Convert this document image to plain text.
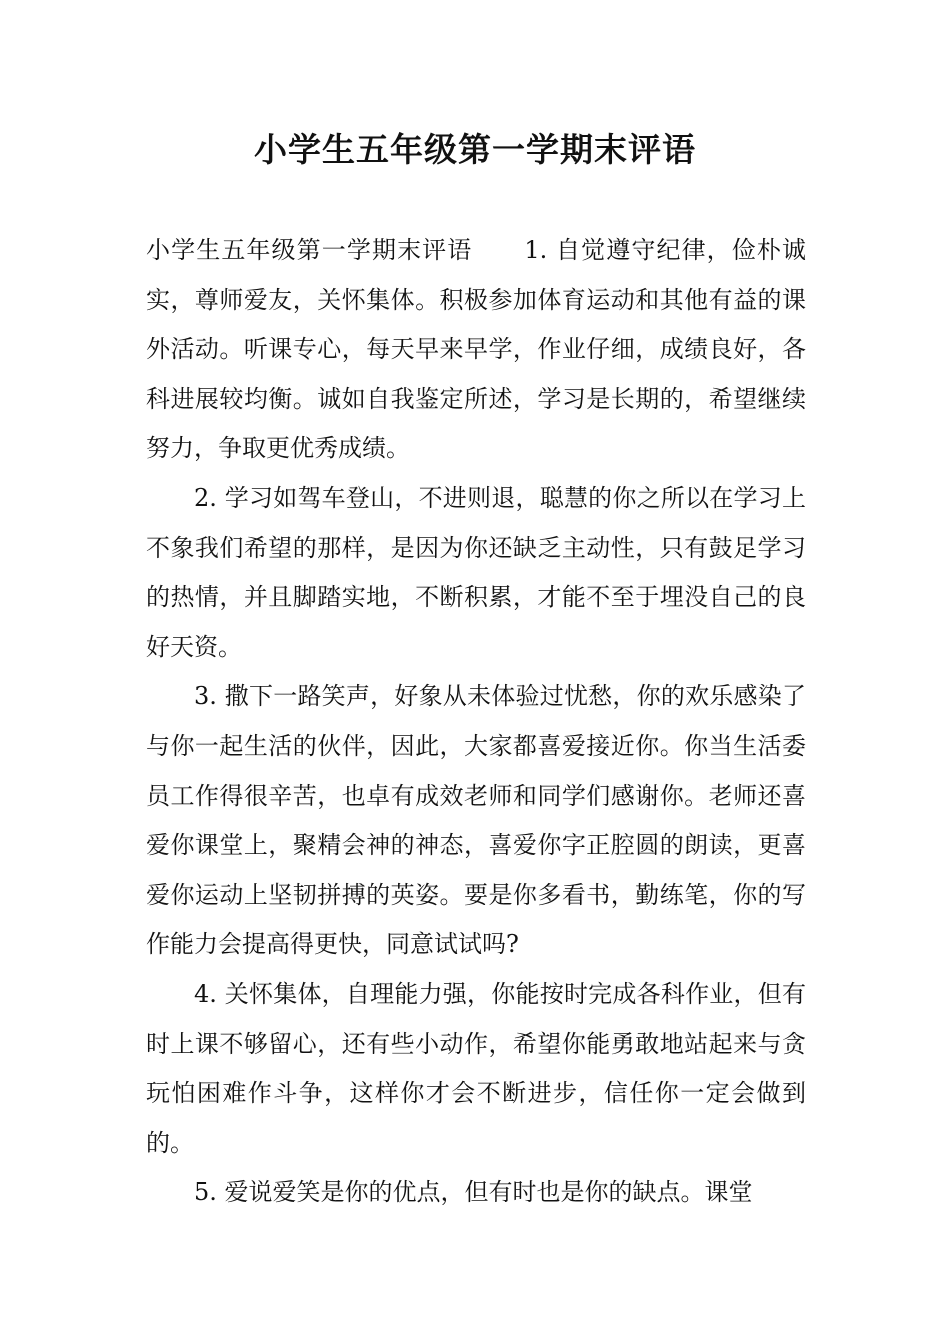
小学生五年级第一学期末评语

小学生五年级第一学期末评语 1. 自觉遵守纪律，俭朴诚实，尊师爱友，关怀集体。积极参加体育运动和其他有益的课外活动。听课专心，每天早来早学，作业仔细，成绩良好，各科进展较均衡。诚如自我鉴定所述，学习是长期的，希望继续努力，争取更优秀成绩。

2. 学习如驾车登山，不进则退，聪慧的你之所以在学习上不象我们希望的那样，是因为你还缺乏主动性，只有鼓足学习的热情，并且脚踏实地，不断积累，才能不至于埋没自己的良好天资。

3. 撒下一路笑声，好象从未体验过忧愁，你的欢乐感染了与你一起生活的伙伴，因此，大家都喜爱接近你。你当生活委员工作得很辛苦，也卓有成效老师和同学们感谢你。老师还喜爱你课堂上，聚精会神的神态，喜爱你字正腔圆的朗读，更喜爱你运动上坚韧拼搏的英姿。要是你多看书，勤练笔，你的写作能力会提高得更快，同意试试吗?

4. 关怀集体，自理能力强，你能按时完成各科作业，但有时上课不够留心，还有些小动作，希望你能勇敢地站起来与贪玩怕困难作斗争，这样你才会不断进步，信任你一定会做到的。

5. 爱说爱笑是你的优点，但有时也是你的缺点。课堂
